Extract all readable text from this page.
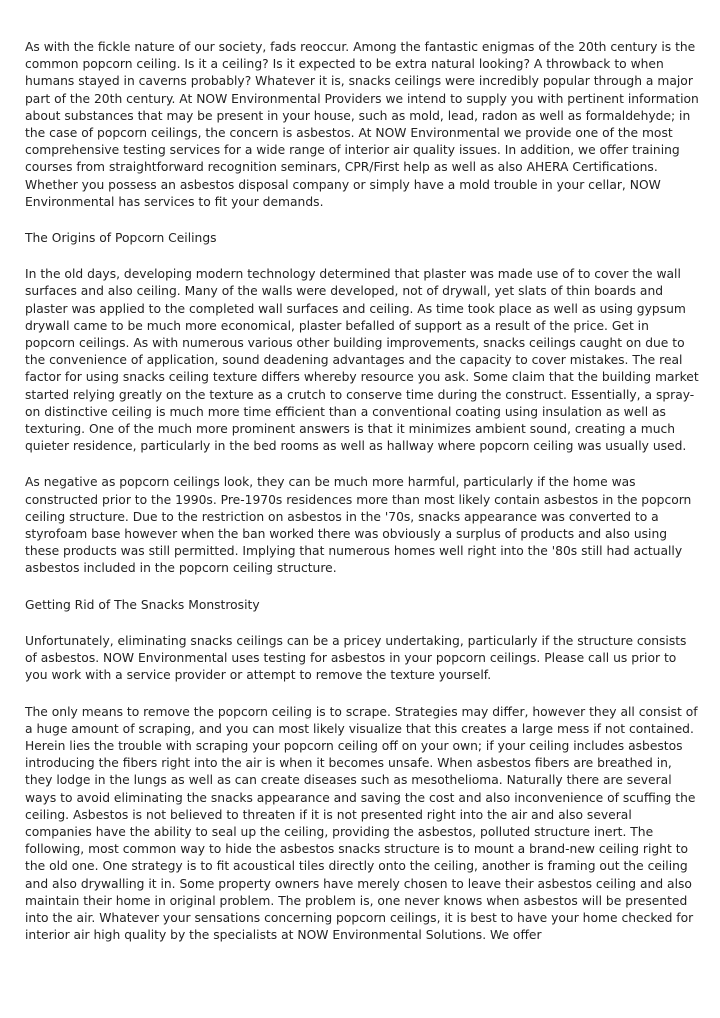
As with the fickle nature of our society, fads reoccur. Among the fantastic enigmas of the 20th century is the common popcorn ceiling. Is it a ceiling? Is it expected to be extra natural looking? A throwback to when humans stayed in caverns probably? Whatever it is, snacks ceilings were incredibly popular through a major part of the 20th century. At NOW Environmental Providers we intend to supply you with pertinent information about substances that may be present in your house, such as mold, lead, radon as well as formaldehyde; in the case of popcorn ceilings, the concern is asbestos. At NOW Environmental we provide one of the most comprehensive testing services for a wide range of interior air quality issues. In addition, we offer training courses from straightforward recognition seminars, CPR/First help as well as also AHERA Certifications. Whether you possess an asbestos disposal company or simply have a mold trouble in your cellar, NOW Environmental has services to fit your demands.

The Origins of Popcorn Ceilings

In the old days, developing modern technology determined that plaster was made use of to cover the wall surfaces and also ceiling. Many of the walls were developed, not of drywall, yet slats of thin boards and plaster was applied to the completed wall surfaces and ceiling. As time took place as well as using gypsum drywall came to be much more economical, plaster befalled of support as a result of the price. Get in popcorn ceilings. As with numerous various other building improvements, snacks ceilings caught on due to the convenience of application, sound deadening advantages and the capacity to cover mistakes. The real factor for using snacks ceiling texture differs whereby resource you ask. Some claim that the building market started relying greatly on the texture as a crutch to conserve time during the construct. Essentially, a spray-on distinctive ceiling is much more time efficient than a conventional coating using insulation as well as texturing. One of the much more prominent answers is that it minimizes ambient sound, creating a much quieter residence, particularly in the bed rooms as well as hallway where popcorn ceiling was usually used.

As negative as popcorn ceilings look, they can be much more harmful, particularly if the home was constructed prior to the 1990s. Pre-1970s residences more than most likely contain asbestos in the popcorn ceiling structure. Due to the restriction on asbestos in the '70s, snacks appearance was converted to a styrofoam base however when the ban worked there was obviously a surplus of products and also using these products was still permitted. Implying that numerous homes well right into the '80s still had actually asbestos included in the popcorn ceiling structure.

Getting Rid of The Snacks Monstrosity

Unfortunately, eliminating snacks ceilings can be a pricey undertaking, particularly if the structure consists of asbestos. NOW Environmental uses testing for asbestos in your popcorn ceilings. Please call us prior to you work with a service provider or attempt to remove the texture yourself.

The only means to remove the popcorn ceiling is to scrape. Strategies may differ, however they all consist of a huge amount of scraping, and you can most likely visualize that this creates a large mess if not contained. Herein lies the trouble with scraping your popcorn ceiling off on your own; if your ceiling includes asbestos introducing the fibers right into the air is when it becomes unsafe. When asbestos fibers are breathed in, they lodge in the lungs as well as can create diseases such as mesothelioma. Naturally there are several ways to avoid eliminating the snacks appearance and saving the cost and also inconvenience of scuffing the ceiling. Asbestos is not believed to threaten if it is not presented right into the air and also several companies have the ability to seal up the ceiling, providing the asbestos, polluted structure inert. The following, most common way to hide the asbestos snacks structure is to mount a brand-new ceiling right to the old one. One strategy is to fit acoustical tiles directly onto the ceiling, another is framing out the ceiling and also drywalling it in. Some property owners have merely chosen to leave their asbestos ceiling and also maintain their home in original problem. The problem is, one never knows when asbestos will be presented into the air. Whatever your sensations concerning popcorn ceilings, it is best to have your home checked for interior air high quality by the specialists at NOW Environmental Solutions. We offer
